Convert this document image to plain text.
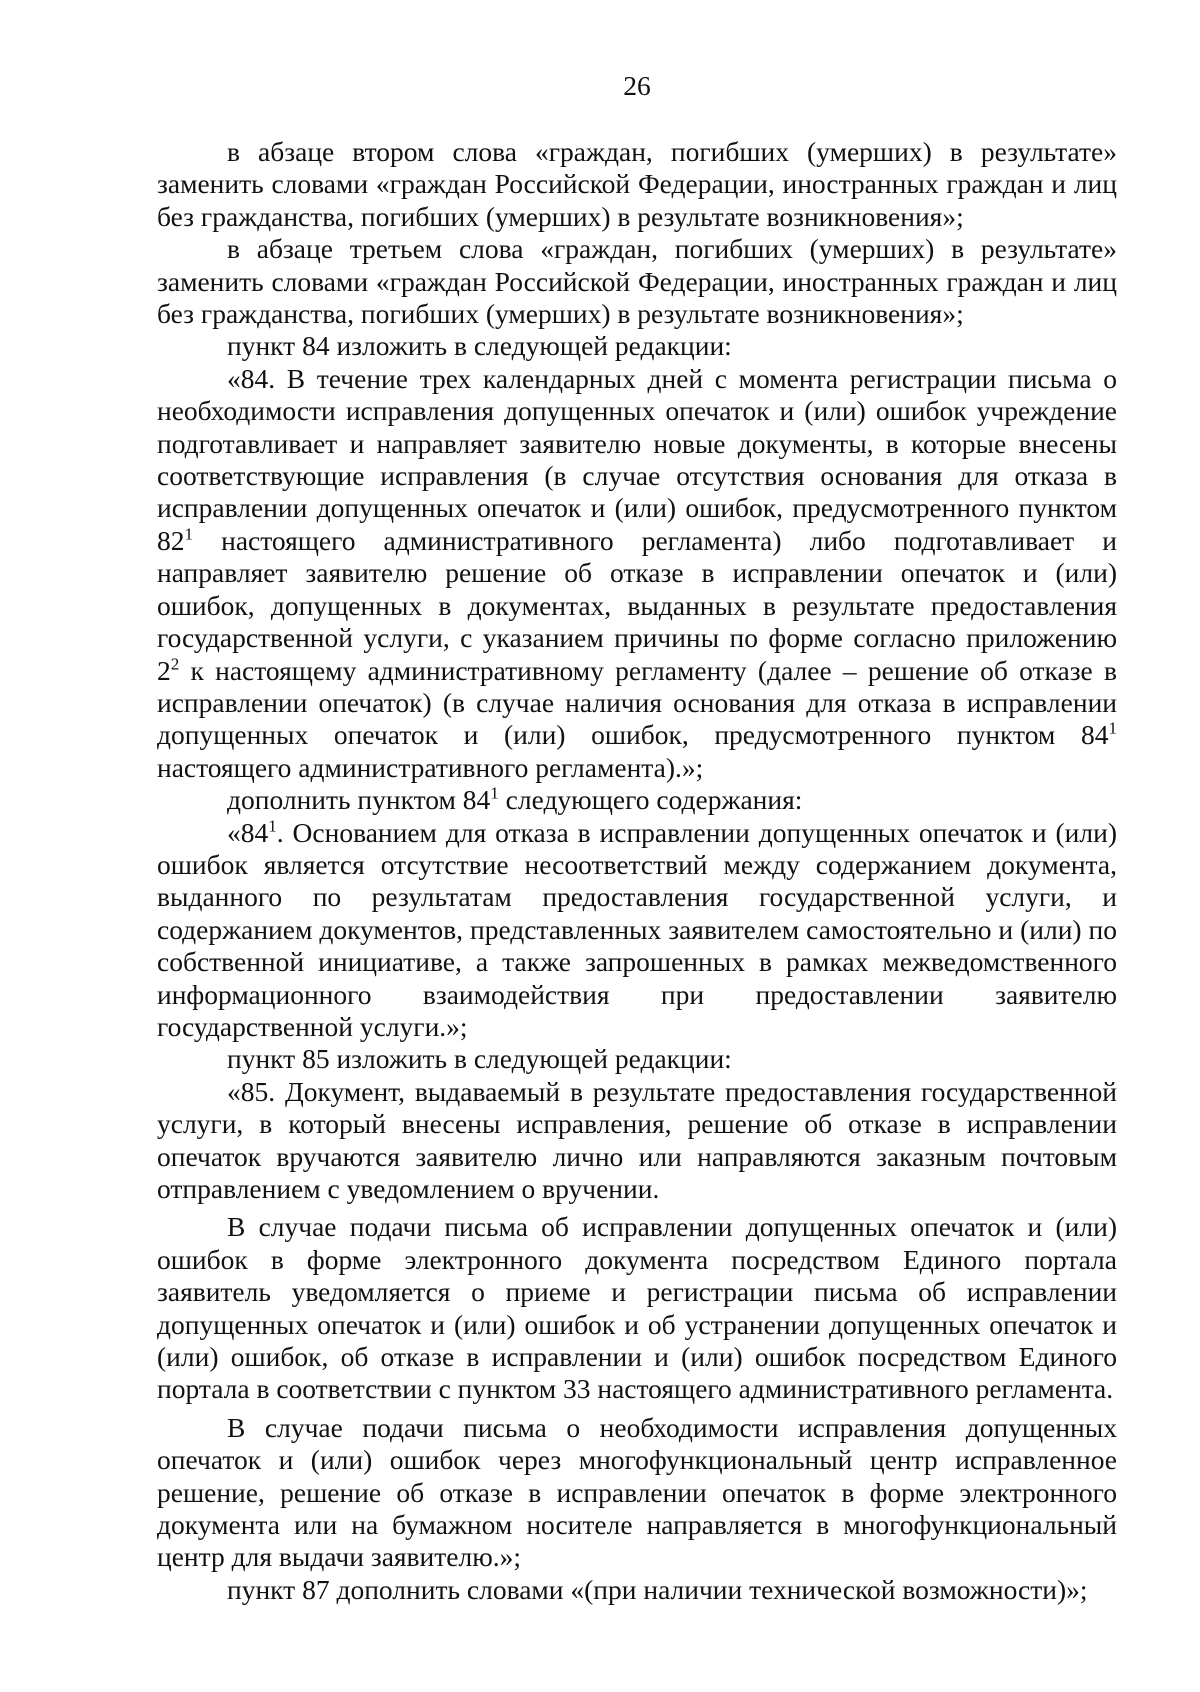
26

в абзаце втором слова «граждан, погибших (умерших) в результате» заменить словами «граждан Российской Федерации, иностранных граждан и лиц без гражданства, погибших (умерших) в результате возникновения»;

в абзаце третьем слова «граждан, погибших (умерших) в результате» заменить словами «граждан Российской Федерации, иностранных граждан и лиц без гражданства, погибших (умерших) в результате возникновения»;

пункт 84 изложить в следующей редакции:

«84. В течение трех календарных дней с момента регистрации письма о необходимости исправления допущенных опечаток и (или) ошибок учреждение подготавливает и направляет заявителю новые документы, в которые внесены соответствующие исправления (в случае отсутствия основания для отказа в исправлении допущенных опечаток и (или) ошибок, предусмотренного пунктом $82^1$ настоящего административного регламента) либо подготавливает и направляет заявителю решение об отказе в исправлении опечаток и (или) ошибок, допущенных в документах, выданных в результате предоставления государственной услуги, с указанием причины по форме согласно приложению $2^2$ к настоящему административному регламенту (далее – решение об отказе в исправлении опечаток) (в случае наличия основания для отказа в исправлении допущенных опечаток и (или) ошибок, предусмотренного пунктом $84^1$ настоящего административного регламента).»;

дополнить пунктом $84^1$ следующего содержания:

«$84^1$. Основанием для отказа в исправлении допущенных опечаток и (или) ошибок является отсутствие несоответствий между содержанием документа, выданного по результатам предоставления государственной услуги, и содержанием документов, представленных заявителем самостоятельно и (или) по собственной инициативе, а также запрошенных в рамках межведомственного информационного взаимодействия при предоставлении заявителю государственной услуги.»;

пункт 85 изложить в следующей редакции:

«85. Документ, выдаваемый в результате предоставления государственной услуги, в который внесены исправления, решение об отказе в исправлении опечаток вручаются заявителю лично или направляются заказным почтовым отправлением с уведомлением о вручении.

В случае подачи письма об исправлении допущенных опечаток и (или) ошибок в форме электронного документа посредством Единого портала заявитель уведомляется о приеме и регистрации письма об исправлении допущенных опечаток и (или) ошибок и об устранении допущенных опечаток и (или) ошибок, об отказе в исправлении и (или) ошибок посредством Единого портала в соответствии с пунктом 33 настоящего административного регламента.

В случае подачи письма о необходимости исправления допущенных опечаток и (или) ошибок через многофункциональный центр исправленное решение, решение об отказе в исправлении опечаток в форме электронного документа или на бумажном носителе направляется в многофункциональный центр для выдачи заявителю.»;

пункт 87 дополнить словами «(при наличии технической возможности)»;
